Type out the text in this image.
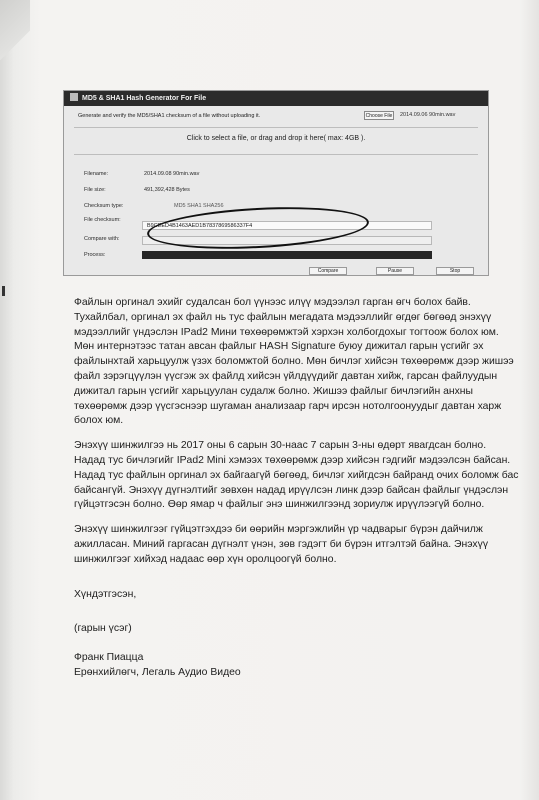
MD5 & SHA1 Hash Generator For File
Generate and verify the MD5/SHA1 checksum of a file without uploading it.	Choose File	2014.09.06 90min.wav
Click to select a file, or drag and drop it here( max: 4GB ).
Filename:	2014.09.08 90min.wav
File size:	491,392,428 Bytes
Checksum type:	MD5 SHA1 SHA256
File checksum:
B9CEED4B1463AED1B7837869586337F4
Compare with:
Process:
Compare	Pause	Stop

Файлын оргинал эхийг судалсан бол үүнээс илүү мэдээлэл гарган өгч болох байв. Тухайлбал, оргинал эх файл нь тус файлын мегадата мэдээллийг өгдөг бөгөөд энэхүү мэдээллийг үндэслэн IPad2 Мини төхөөрөмжтэй хэрхэн холбогдохыг тогтоож болох юм. Мөн интернэтээс татан авсан файлыг HASH Signature буюу дижитал гарын үсгийг эх файлынхтай харьцуулж үзэх боломжтой болно. Мөн бичлэг хийсэн төхөөрөмж дээр жишээ файл зэрэгцүүлэн үүсгэж эх файлд хийсэн үйлдүүдийг давтан хийж, гарсан файлуудын дижитал гарын үсгийг харьцуулан судалж болно. Жишээ файлыг бичлэгийн анхны төхөөрөмж дээр үүсгэснээр шугаман анализаар гарч ирсэн нотолгоонуудыг давтан харж болох юм.

Энэхүү шинжилгээ нь 2017 оны 6 сарын 30-наас 7 сарын 3-ны өдөрт явагдсан болно. Надад тус бичлэгийг IPad2 Mini хэмээх төхөөрөмж дээр хийсэн гэдгийг мэдээлсэн байсан. Надад тус файлын оргинал эх байгаагүй бөгөөд, бичлэг хийгдсэн байранд очих боломж бас байсангүй. Энэхүү дүгнэлтийг зөвхөн надад ирүүлсэн линк дээр байсан файлыг үндэслэн гүйцэтгэсэн болно. Өөр ямар ч файлыг энэ шинжилгээнд зориулж ирүүлээгүй болно.

Энэхүү шинжилгээг гүйцэтгэхдээ би өөрийн мэргэжлийн үр чадварыг бүрэн дайчилж ажилласан. Миний гаргасан дүгнэлт үнэн, зөв гэдэгт би бүрэн итгэлтэй байна. Энэхүү шинжилгээг хийхэд надаас өөр хүн оролцоогүй болно.

Хүндэтгэсэн,

(гарын үсэг)

Франк Пиацца

Ерөнхийлөгч, Легаль Аудио Видео
